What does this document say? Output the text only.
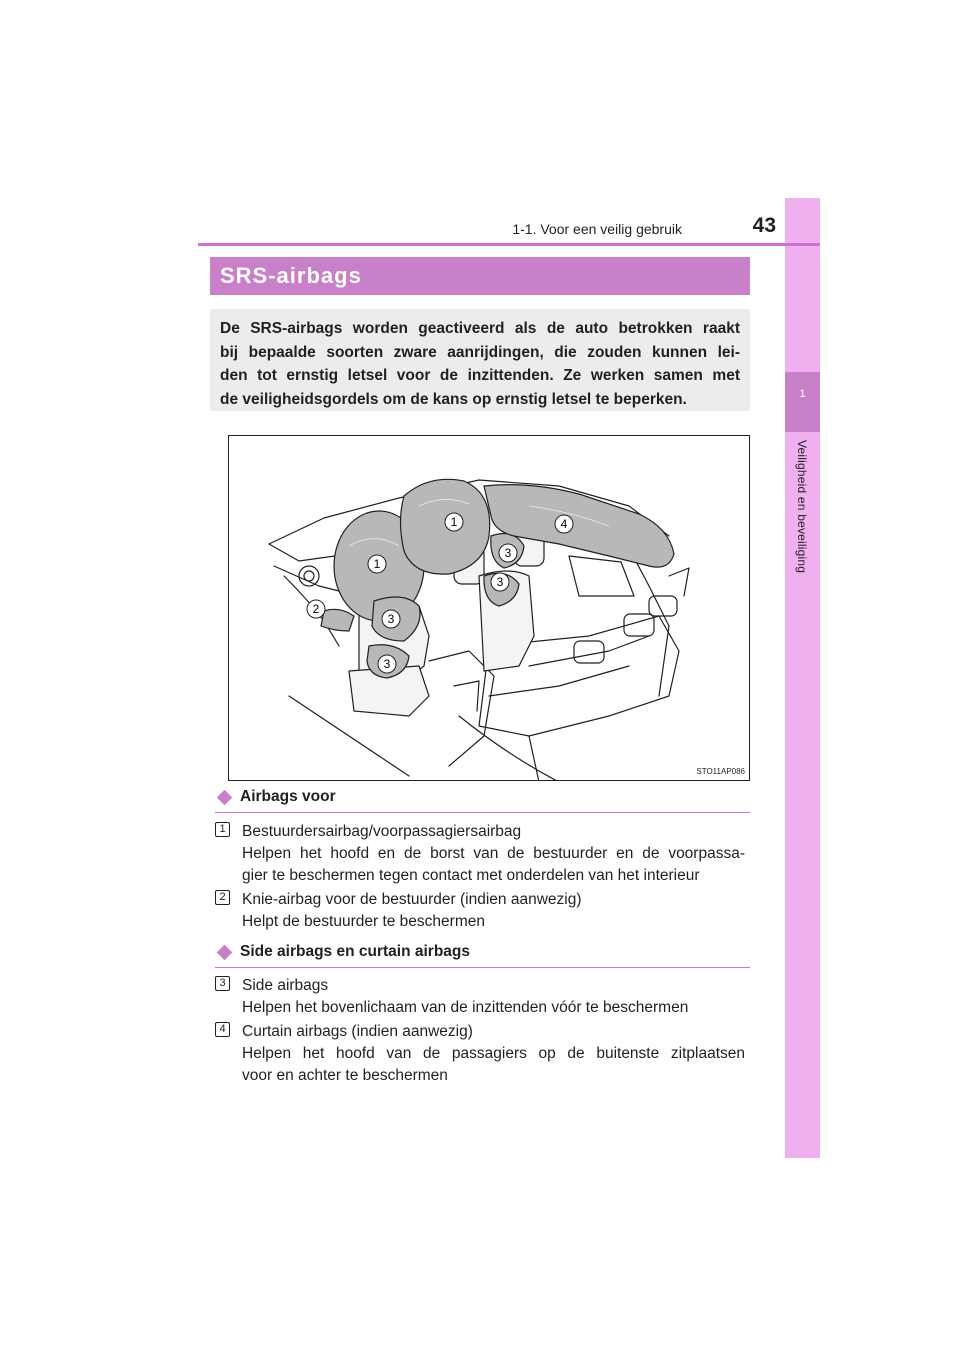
1
Veiligheid en beveiliging
1-1. Voor een veilig gebruik	43
SRS-airbags
De SRS-airbags worden geactiveerd als de auto betrokken raakt
bij bepaalde soorten zware aanrijdingen, die zouden kunnen lei-
den tot ernstig letsel voor de inzittenden. Ze werken samen met
de veiligheidsgordels om de kans op ernstig letsel te beperken.
1
1
2
3
3
3
3
4
STO11AP086
Airbags voor
1 Bestuurdersairbag/voorpassagiersairbag
Helpen het hoofd en de borst van de bestuurder en de voorpassa-
gier te beschermen tegen contact met onderdelen van het interieur
2 Knie-airbag voor de bestuurder (indien aanwezig)
Helpt de bestuurder te beschermen
Side airbags en curtain airbags
3 Side airbags
Helpen het bovenlichaam van de inzittenden vóór te beschermen
4 Curtain airbags (indien aanwezig)
Helpen het hoofd van de passagiers op de buitenste zitplaatsen
voor en achter te beschermen
